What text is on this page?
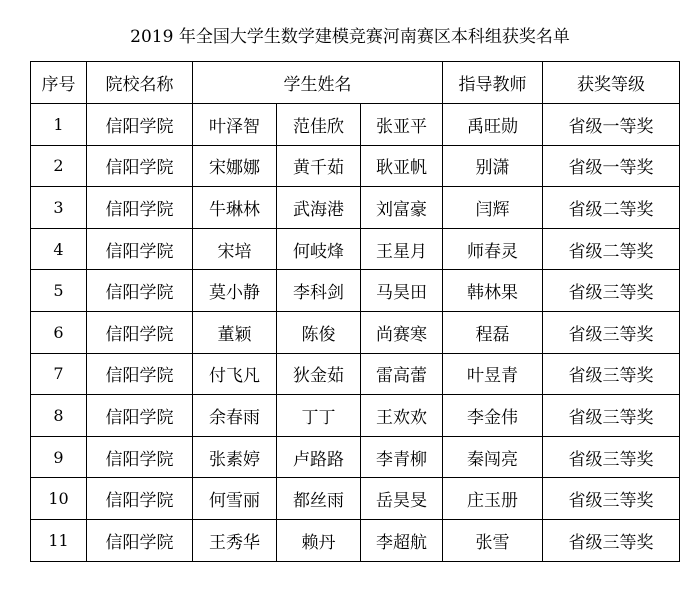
2019 年全国大学生数学建模竞赛河南赛区本科组获奖名单
序号	院校名称	学生姓名			指导教师	获奖等级
1	信阳学院	叶泽智	范佳欣	张亚平	禹旺勋	省级一等奖
2	信阳学院	宋娜娜	黄千茹	耿亚帆	别潇	省级一等奖
3	信阳学院	牛琳林	武海港	刘富豪	闫辉	省级二等奖
4	信阳学院	宋培	何岐烽	王星月	师春灵	省级二等奖
5	信阳学院	莫小静	李科剑	马昊田	韩林果	省级三等奖
6	信阳学院	董颖	陈俊	尚赛寒	程磊	省级三等奖
7	信阳学院	付飞凡	狄金茹	雷高蕾	叶昱青	省级三等奖
8	信阳学院	余春雨	丁丁	王欢欢	李金伟	省级三等奖
9	信阳学院	张素婷	卢路路	李青柳	秦闯亮	省级三等奖
10	信阳学院	何雪丽	都丝雨	岳昊旻	庄玉册	省级三等奖
11	信阳学院	王秀华	赖丹	李超航	张雪	省级三等奖
